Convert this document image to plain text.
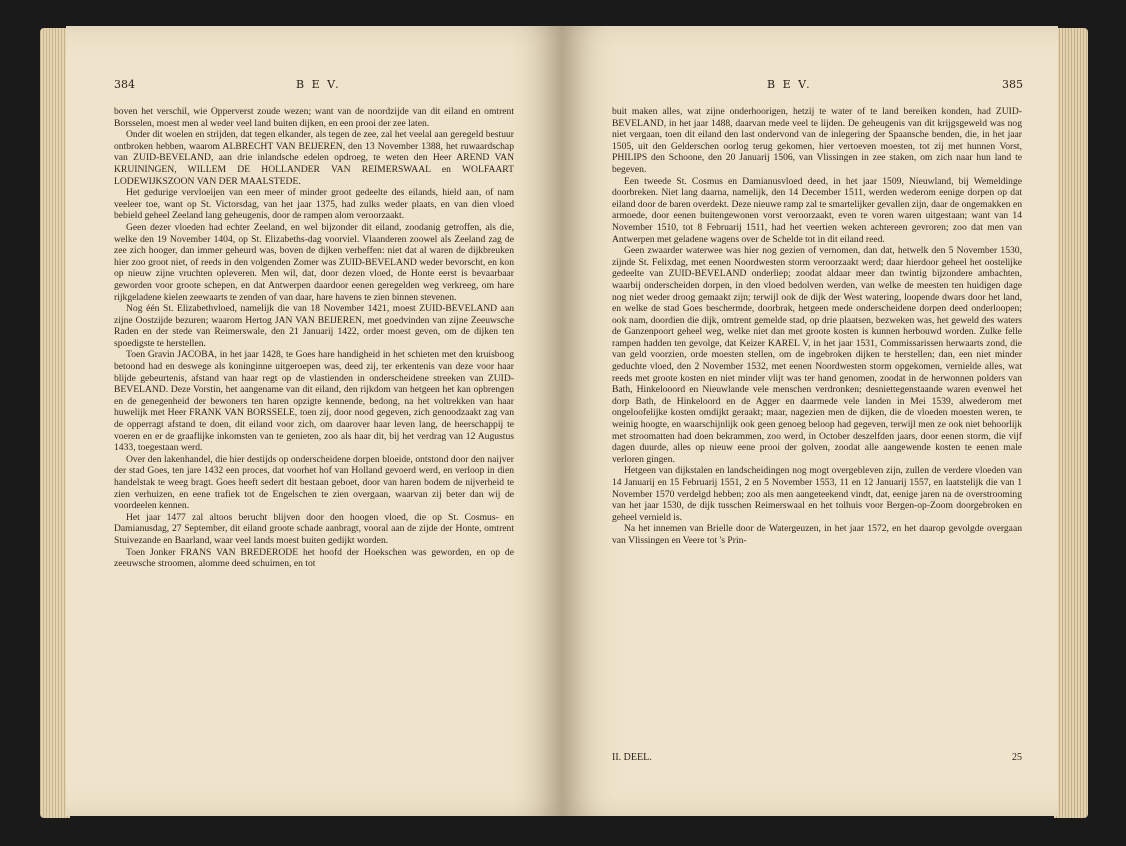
384	B E V.

boven het verschil, wie Opperverst zoude wezen; want van de noordzijde van dit eiland en omtrent Borsselen, moest men al weder veel land buiten dijken, en een prooi der zee laten.

Onder dit woelen en strijden, dat tegen elkander, als tegen de zee, zal het veelal aan geregeld bestuur ontbroken hebben, waarom ALBRECHT VAN BEIJEREN, den 13 November 1388, het ruwaardschap van ZUID-BEVELAND, aan drie inlandsche edelen opdroeg, te weten den Heer AREND VAN KRUININGEN, WILLEM DE HOLLANDER VAN REIMERSWAAL en WOLFAART LODEWIJKSZOON VAN DER MAALSTEDE.

Het gedurige vervloeijen van een meer of minder groot gedeelte des eilands, hield aan, of nam veeleer toe, want op St. Victorsdag, van het jaar 1375, had zulks weder plaats, en van dien vloed bebield geheel Zeeland lang geheugenis, door de rampen alom veroorzaakt.

Geen dezer vloeden had echter Zeeland, en wel bijzonder dit eiland, zoodanig getroffen, als die, welke den 19 November 1404, op St. Elizabeths-dag voorviel. Vlaanderen zoowel als Zeeland zag de zee zich hooger, dan immer geheurd was, boven de dijken verheffen: niet dat al waren de dijkbreuken hier zoo groot niet, of reeds in den volgenden Zomer was ZUID-BEVELAND weder bevorscht, en kon op nieuw zijne vruchten opleveren. Men wil, dat, door dezen vloed, de Honte eerst is bevaarbaar geworden voor groote schepen, en dat Antwerpen daardoor eenen geregelden weg verkreeg, om hare rijkgeladene kielen zeewaarts te zenden of van daar, hare havens te zien binnen stevenen.

Nog één St. Elizabethvloed, namelijk die van 18 November 1421, moest ZUID-BEVELAND aan zijne Oostzijde bezuren; waarom Hertog JAN VAN BEIJEREN, met goedvinden van zijne Zeeuwsche Raden en der stede van Reimerswale, den 21 Januarij 1422, order moest geven, om de dijken ten spoedigste te herstellen.

Toen Gravin JACOBA, in het jaar 1428, te Goes hare handigheid in het schieten met den kruisboog betoond had en deswege als koninginne uitgeroepen was, deed zij, ter erkentenis van deze voor haar blijde gebeurtenis, afstand van haar regt op de vlastienden in onderscheidene streeken van ZUID-BEVELAND. Deze Vorstin, het aangename van dit eiland, den rijkdom van hetgeen het kan opbrengen en de genegenheid der bewoners ten haren opzigte kennende, bedong, na het voltrekken van haar huwelijk met Heer FRANK VAN BORSSELE, toen zij, door nood gegeven, zich genoodzaakt zag van de opperragt afstand te doen, dit eiland voor zich, om daarover haar leven lang, de heerschappij te voeren en er de graaflijke inkomsten van te genieten, zoo als haar dit, bij het verdrag van 12 Augustus 1433, toegestaan werd.

Over den lakenhandel, die hier destijds op onderscheidene dorpen bloeide, ontstond door den naijver der stad Goes, ten jare 1432 een proces, dat voorhet hof van Holland gevoerd werd, en verloop in dien handelstak te weeg bragt. Goes heeft sedert dit bestaan geboet, door van haren bodem de nijverheid te zien verhuizen, en eene trafiek tot de Engelschen te zien overgaan, waarvan zij beter dan wij de voordeelen kennen.

Het jaar 1477 zal altoos berucht blijven door den hoogen vloed, die op St. Cosmus- en Damianusdag, 27 September, dit eiland groote schade aanbragt, vooral aan de zijde der Honte, omtrent Stuivezande en Baarland, waar veel lands moest buiten gedijkt worden.

Toen Jonker FRANS VAN BREDERODE het hoofd der Hoekschen was geworden, en op de zeeuwsche stroomen, alomme deed schuimen, en tot

B E V.	385

buit maken alles, wat zijne onderhoorigen, hetzij te water of te land bereiken konden, had ZUID-BEVELAND, in het jaar 1488, daarvan mede veel te lijden. De geheugenis van dit krijgsgeweld was nog niet vergaan, toen dit eiland den last ondervond van de inlegering der Spaansche benden, die, in het jaar 1505, uit den Gelderschen oorlog terug gekomen, hier vertoeven moesten, tot zij met hunnen Vorst, PHILIPS den Schoone, den 20 Januarij 1506, van Vlissingen in zee staken, om zich naar hun land te begeven.

Een tweede St. Cosmus en Damianusvloed deed, in het jaar 1509, Nieuwland, bij Wemeldinge doorbreken. Niet lang daarna, namelijk, den 14 December 1511, werden wederom eenige dorpen op dat eiland door de baren overdekt. Deze nieuwe ramp zal te smartelijker gevallen zijn, daar de ongemakken en armoede, door eenen buitengewonen vorst veroorzaakt, even te voren waren uitgestaan; want van 14 November 1510, tot 8 Februarij 1511, had het veertien weken achtereen gevroren; zoo dat men van Antwerpen met geladene wagens over de Schelde tot in dit eiland reed.

Geen zwaarder waterwee was hier nog gezien of vernomen, dan dat, hetwelk den 5 November 1530, zijnde St. Felixdag, met eenen Noordwesten storm veroorzaakt werd; daar hierdoor geheel het oostelijke gedeelte van ZUID-BEVELAND onderliep; zoodat aldaar meer dan twintig bijzondere ambachten, waarbij onderscheiden dorpen, in den vloed bedolven werden, van welke de meesten ten huidigen dage nog niet weder droog gemaakt zijn; terwijl ook de dijk der West watering, loopende dwars door het land, en welke de stad Goes beschermde, doorbrak, hetgeen mede onderscheidene dorpen deed onderloopen; ook nam, doordien die dijk, omtrent gemelde stad, op drie plaatsen, bezweken was, het geweld des waters de Ganzenpoort geheel weg, welke niet dan met groote kosten is kunnen herbouwd worden. Zulke felle rampen hadden ten gevolge, dat Keizer KAREL V, in het jaar 1531, Commissarissen herwaarts zond, die van geld voorzien, orde moesten stellen, om de ingebroken dijken te herstellen; dan, een niet minder geduchte vloed, den 2 November 1532, met eenen Noordwesten storm opgekomen, vernielde alles, wat reeds met groote kosten en niet minder vlijt was ter hand genomen, zoodat in de herwonnen polders van Bath, Hinkelooord en Nieuwlande vele menschen verdronken; desniettegenstaande waren evenwel het dorp Bath, de Hinkeloord en de Agger en daarmede vele landen in Mei 1539, alwederom met ongeloofelijke kosten omdijkt geraakt; maar, nagezien men de dijken, die de vloeden moesten weren, te weinig hoogte, en waarschijnlijk ook geen genoeg beloop had gegeven, terwijl men ze ook niet behoorlijk met stroomatten had doen bekrammen, zoo werd, in October deszelfden jaars, door eenen storm, die vijf dagen duurde, alles op nieuw eene prooi der golven, zoodat alle aangewende kosten te eenen male verloren gingen.

Hetgeen van dijkstalen en landscheidingen nog mogt overgebleven zijn, zullen de verdere vloeden van 14 Januarij en 15 Februarij 1551, 2 en 5 November 1553, 11 en 12 Januarij 1557, en laatstelijk die van 1 November 1570 verdelgd hebben; zoo als men aangeteekend vindt, dat, eenige jaren na de overstrooming van het jaar 1530, de dijk tusschen Reimerswaal en het tolhuis voor Bergen-op-Zoom doorgebroken en geheel vernield is.

Na het innemen van Brielle door de Watergeuzen, in het jaar 1572, en het daarop gevolgde overgaan van Vlissingen en Veere tot 's Prin-

II. DEEL.	25
